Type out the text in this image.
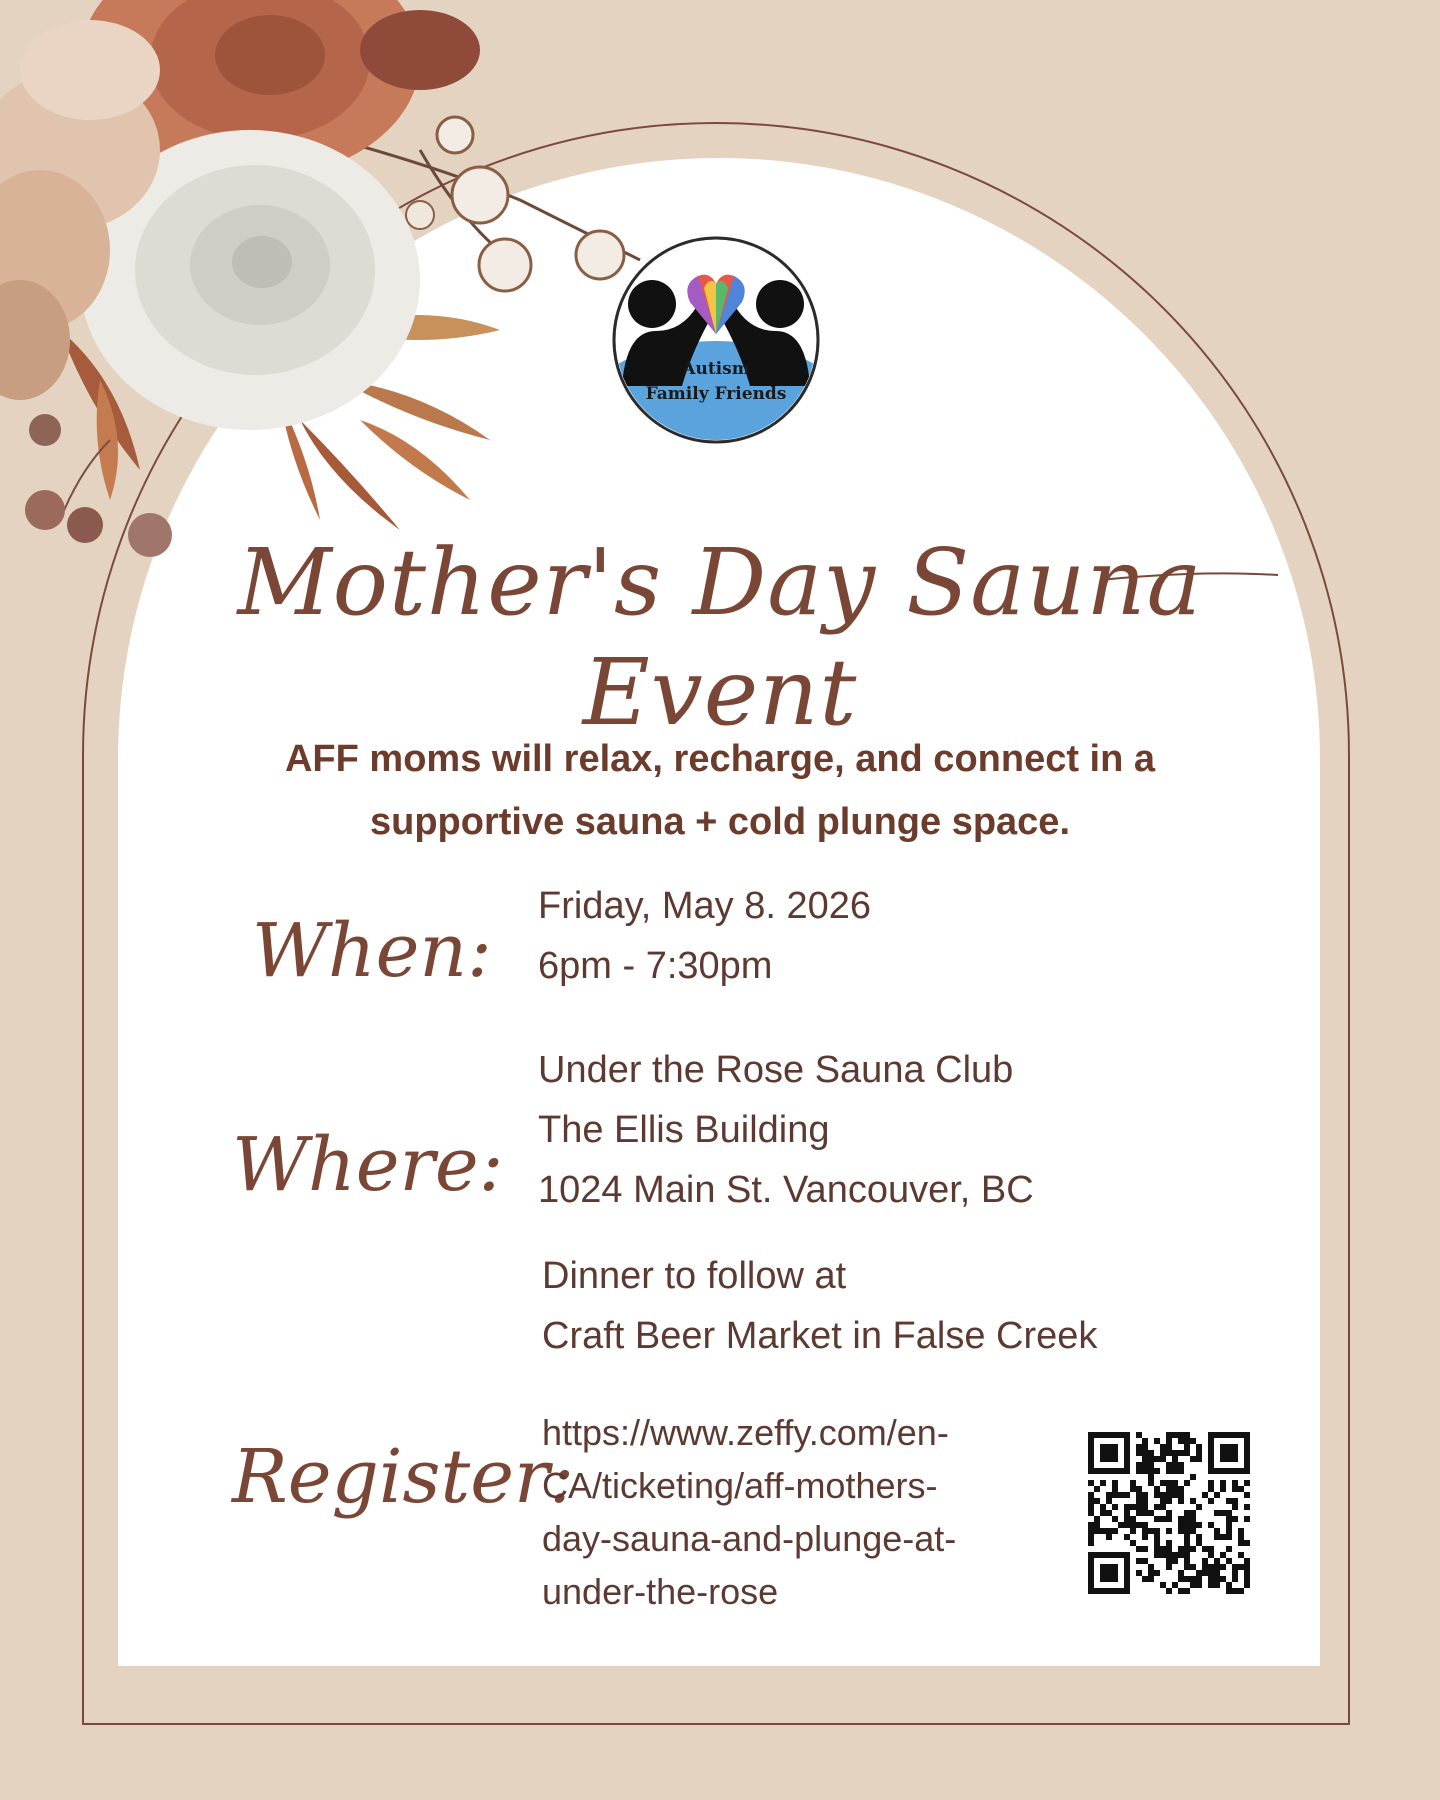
Autism
Family Friends
Mother's Day Sauna Event
AFF moms will relax, recharge, and connect in a
supportive sauna + cold plunge space.
When:
Friday, May 8. 2026
6pm - 7:30pm
Where:
Under the Rose Sauna Club
The Ellis Building
1024 Main St. Vancouver, BC
Dinner to follow at
Craft Beer Market in False Creek
Register:
https://www.zeffy.com/en-
CA/ticketing/aff-mothers-
day-sauna-and-plunge-at-
under-the-rose
